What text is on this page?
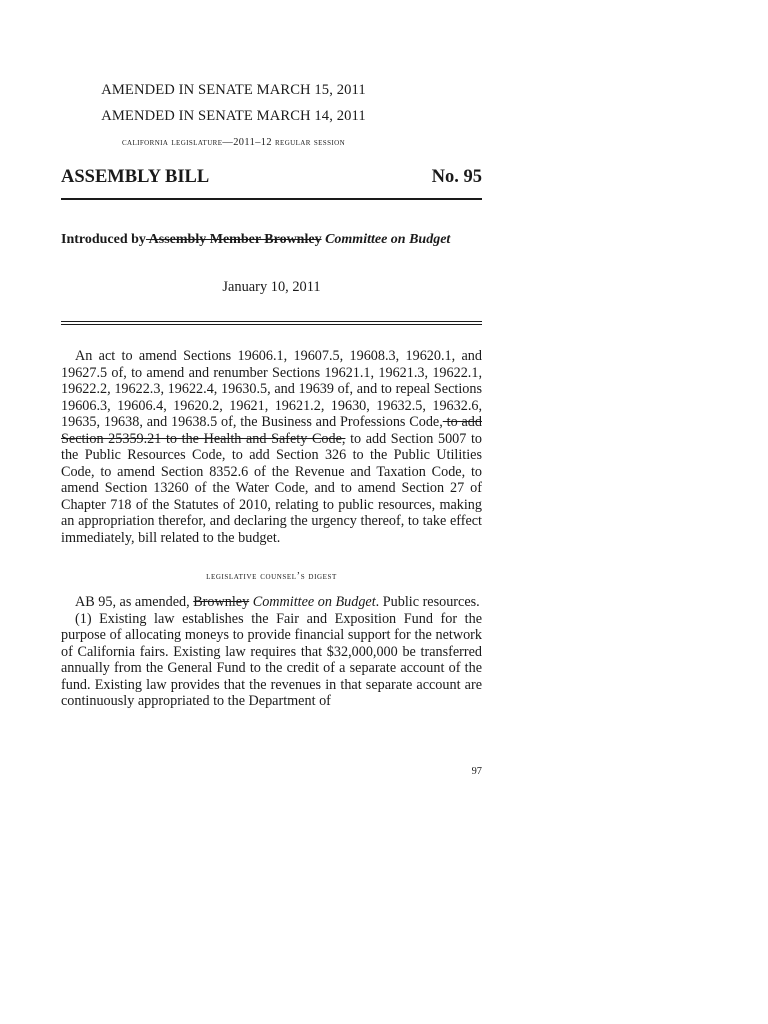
AMENDED IN SENATE MARCH 15, 2011
AMENDED IN SENATE MARCH 14, 2011
california legislature—2011–12 regular session
ASSEMBLY BILL	No. 95
Introduced by Assembly Member Brownley Committee on Budget
January 10, 2011
An act to amend Sections 19606.1, 19607.5, 19608.3, 19620.1, and 19627.5 of, to amend and renumber Sections 19621.1, 19621.3, 19622.1, 19622.2, 19622.3, 19622.4, 19630.5, and 19639 of, and to repeal Sections 19606.3, 19606.4, 19620.2, 19621, 19621.2, 19630, 19632.5, 19632.6, 19635, 19638, and 19638.5 of, the Business and Professions Code, to add Section 25359.21 to the Health and Safety Code, to add Section 5007 to the Public Resources Code, to add Section 326 to the Public Utilities Code, to amend Section 8352.6 of the Revenue and Taxation Code, to amend Section 13260 of the Water Code, and to amend Section 27 of Chapter 718 of the Statutes of 2010, relating to public resources, making an appropriation therefor, and declaring the urgency thereof, to take effect immediately, bill related to the budget.
legislative counsel’s digest

AB 95, as amended, Brownley Committee on Budget. Public resources.

(1) Existing law establishes the Fair and Exposition Fund for the purpose of allocating moneys to provide financial support for the network of California fairs. Existing law requires that $32,000,000 be transferred annually from the General Fund to the credit of a separate account of the fund. Existing law provides that the revenues in that separate account are continuously appropriated to the Department of

97
